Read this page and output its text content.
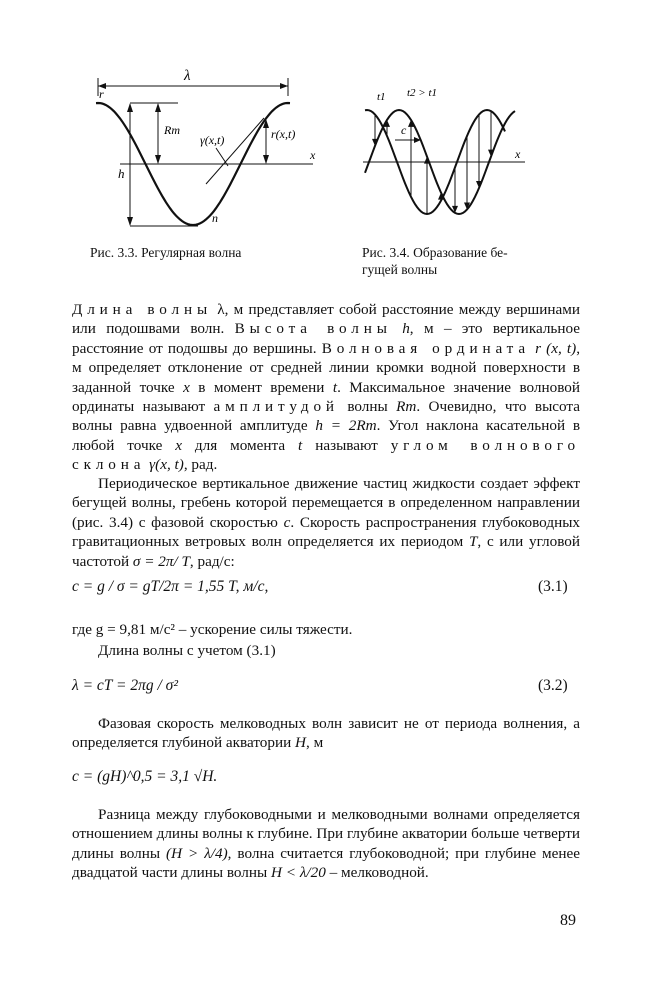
λ
x
h
Rm
r
γ(x,t)	r(x,t)
п
Рис. 3.3. Регулярная волна
x
t1 t2 > t1
c
Рис. 3.4. Образование бе-
гущей волны

Длина волны λ, м представляет собой расстояние между вершинами или подошвами волн. Высота волны h, м – это вертикальное расстояние от подошвы до вершины. Волновая ордината r (x, t), м определяет отклонение от средней линии кромки водной поверхности в заданной точке x в момент времени t. Максимальное значение волновой ординаты называют амплитудой волны Rm. Очевидно, что высота волны равна удвоенной амплитуде h = 2Rm. Угол наклона касательной в любой точке x для момента t называют углом волнового склона γ(x, t), рад.

Периодическое вертикальное движение частиц жидкости создает эффект бегущей волны, гребень которой перемещается в определенном направлении (рис. 3.4) с фазовой скоростью c. Скорость распространения глубоководных гравитационных ветровых волн определяется их периодом T, с или угловой частотой σ = 2π/ T, рад/с:

c = g / σ = gT/2π = 1,55 T, м/с,	(3.1)
где g = 9,81 м/с² – ускорение силы тяжести.
Длина волны с учетом (3.1)
λ = cT = 2πg / σ²	(3.2)

Фазовая скорость мелководных волн зависит не от периода волнения, а определяется глубиной акватории H, м

c = (gH)^0,5 = 3,1 √H.

Разница между глубоководными и мелководными волнами определяется отношением длины волны к глубине. При глубине акватории больше четверти длины волны (H > λ/4), волна считается глубоководной; при глубине менее двадцатой части длины волны H < λ/20 – мелководной.

89
